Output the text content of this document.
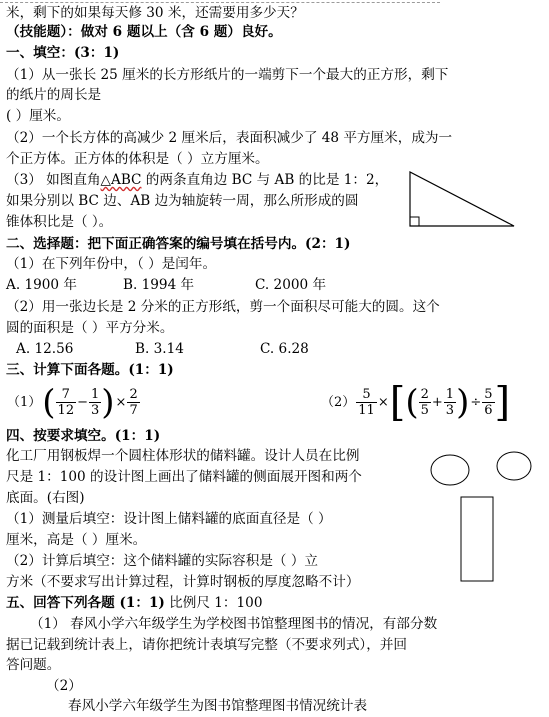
米，剩下的如果每天修 30 米，还需要用多少天？
（技能题）：做对 6 题以上（含 6 题）良好。
一、填空：(3：1)
（1）从一张长 25 厘米的长方形纸片的一端剪下一个最大的正方形，剩下
的纸片的周长是
( ）厘米。
（2）一个长方体的高减少 2 厘米后，表面积减少了 48 平方厘米，成为一
个正方体。正方体的体积是（ ）立方厘米。
（3） 如图直角△ABC 的两条直角边 BC 与 AB 的比是 1：2，
如果分别以 BC 边、AB 边为轴旋转一周，那么所形成的圆
锥体积比是（ ）。
二、选择题：把下面正确答案的编号填在括号内。(2：1)
（1）在下列年份中，（ ）是闰年。
A. 1900 年	B. 1994 年	C. 2000 年
（2）用一张边长是 2 分米的正方形纸，剪一个面积尽可能大的圆。这个
圆的面积是（ ）平方分米。
A. 12.56	B. 3.14	C. 6.28
三、计算下面各题。(1：1)
$(1)( \frac{7}{12} - \frac{1}{3}$ )× $\frac{2}{7}$	$(2) \frac{5}{11}$ ×[( $\frac{2}{5} + \frac{1}{3}$ )÷ $\frac{5}{6}$ ]
四、按要求填空。(1：1)
化工厂用钢板焊一个圆柱体形状的储料罐。设计人员在比例
尺是 1：100 的设计图上画出了储料罐的侧面展开图和两个
底面。(右图)
（1）测量后填空：设计图上储料罐的底面直径是（ ）
厘米，高是（ ）厘米。
（2）计算后填空：这个储料罐的实际容积是（ ）立
方米（不要求写出计算过程，计算时钢板的厚度忽略不计）
五、回答下列各题 (1：1) 比例尺 1：100
（1） 春风小学六年级学生为学校图书馆整理图书的情况，有部分数
据已记载到统计表上，请你把统计表填写完整（不要求列式），并回
答问题。
（2）
春风小学六年级学生为图书馆整理图书情况统计表
